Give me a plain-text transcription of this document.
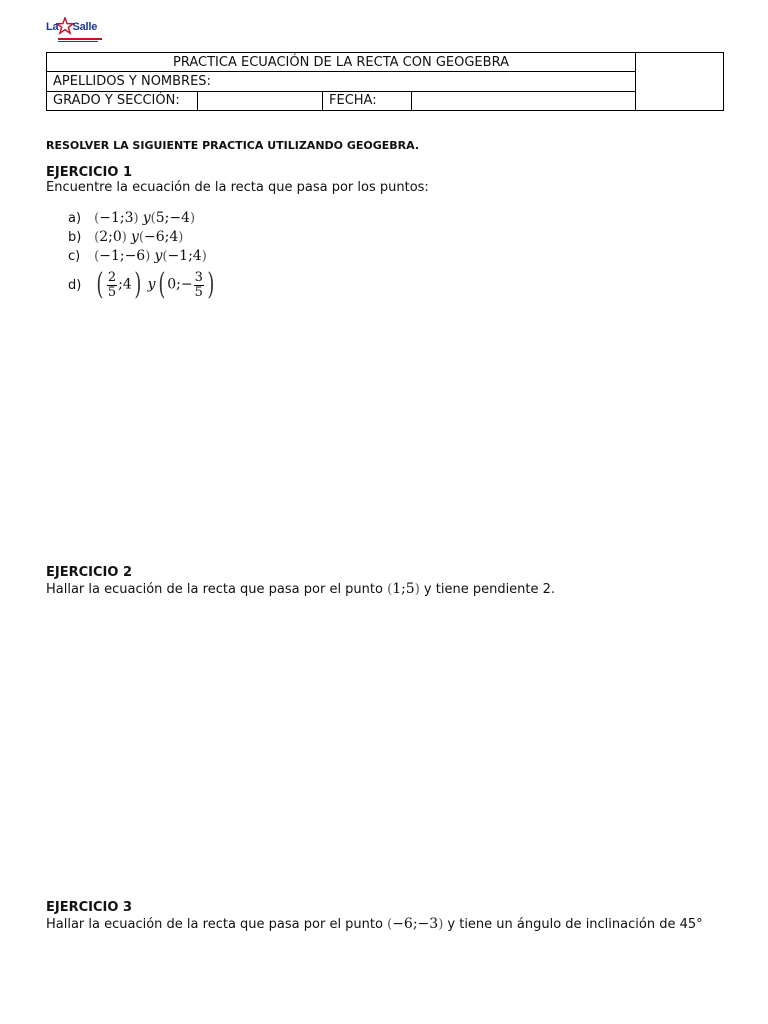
La Salle
PRACTICA ECUACIÓN DE LA RECTA CON GEOGEBRA				
APELLIDOS Y NOMBRES:				
GRADO Y SECCIÓN:		FECHA:		
RESOLVER LA SIGUIENTE PRACTICA UTILIZANDO GEOGEBRA.
EJERCICIO 1
Encuentre la ecuación de la recta que pasa por los puntos:
a) (−1;3) y(5;−4)
b) (2;0) y(−6;4)
c) (−1;−6) y(−1;4)
d) ( $\frac{2}{5}$ ;4) y( 0;− $\frac{3}{5}$ )
EJERCICIO 2
Hallar la ecuación de la recta que pasa por el punto (1;5) y tiene pendiente 2.
EJERCICIO 3
Hallar la ecuación de la recta que pasa por el punto (−6;−3) y tiene un ángulo de inclinación de 45°
